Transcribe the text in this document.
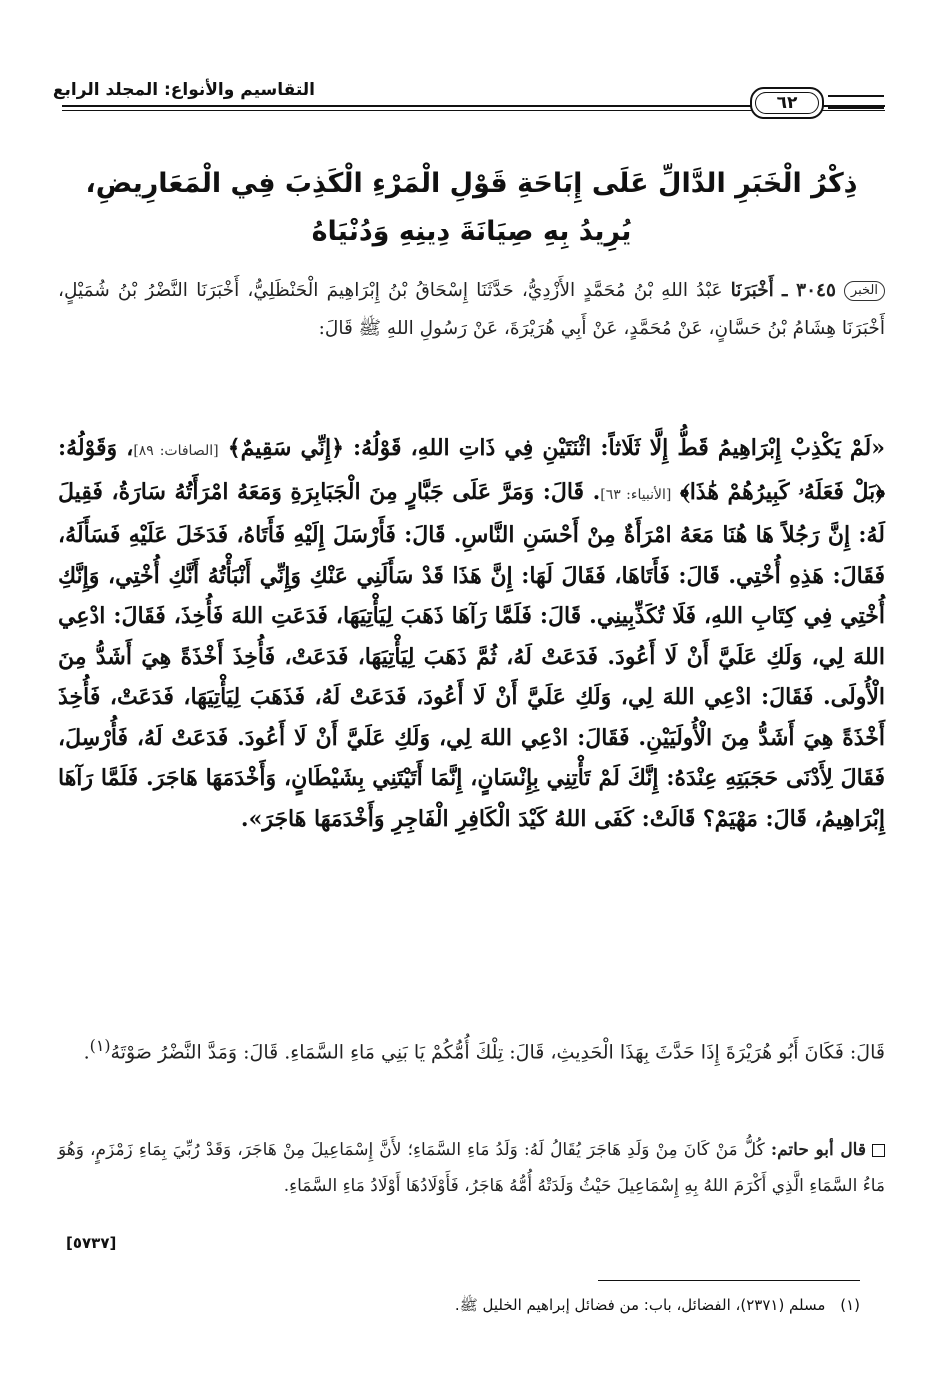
التقاسيم والأنواع: المجلد الرابع
٦٢
ذِكْرُ الْخَبَرِ الدَّالِّ عَلَى إِبَاحَةِ قَوْلِ الْمَرْءِ الْكَذِبَ فِي الْمَعَارِيضِ،
يُرِيدُ بِهِ صِيَانَةَ دِينِهِ وَدُنْيَاهُ
الخبر٣٠٤٥ ـ أَخْبَرَنَا عَبْدُ اللهِ بْنُ مُحَمَّدٍ الأَزْدِيُّ، حَدَّثَنَا إِسْحَاقُ بْنُ إِبْرَاهِيمَ الْحَنْظَلِيُّ، أَخْبَرَنَا النَّضْرُ بْنُ شُمَيْلٍ، أَخْبَرَنَا هِشَامُ بْنُ حَسَّانٍ، عَنْ مُحَمَّدٍ، عَنْ أَبِي هُرَيْرَةَ، عَنْ رَسُولِ اللهِ ﷺ قَالَ:
«لَمْ يَكْذِبْ إِبْرَاهِيمُ قَطُّ إِلَّا ثَلَاثاً: اثْنَتَيْنِ فِي ذَاتِ اللهِ، قَوْلُهُ: ﴿إِنِّي سَقِيمٌ﴾ [الصافات: ٨٩]، وَقَوْلُهُ: ﴿بَلْ فَعَلَهُۥ كَبِيرُهُمْ هَٰذَا﴾ [الأنبياء: ٦٣]. قَالَ: وَمَرَّ عَلَى جَبَّارٍ مِنَ الْجَبَابِرَةِ وَمَعَهُ امْرَأَتُهُ سَارَةُ، فَقِيلَ لَهُ: إِنَّ رَجُلاً هَا هُنَا مَعَهُ امْرَأَةٌ مِنْ أَحْسَنِ النَّاسِ. قَالَ: فَأَرْسَلَ إِلَيْهِ فَأَتَاهُ، فَدَخَلَ عَلَيْهِ فَسَأَلَهُ، فَقَالَ: هَذِهِ أُخْتِي. قَالَ: فَأَتَاهَا، فَقَالَ لَهَا: إِنَّ هَذَا قَدْ سَأَلَنِي عَنْكِ وَإِنِّي أَنْبَأْتُهُ أَنَّكِ أُخْتِي، وَإِنَّكِ أُخْتِي فِي كِتَابِ اللهِ، فَلَا تُكَذِّبِينِي. قَالَ: فَلَمَّا رَآهَا ذَهَبَ لِيَأْتِيَهَا، فَدَعَتِ اللهَ فَأُخِذَ، فَقَالَ: ادْعِي اللهَ لِي، وَلَكِ عَلَيَّ أَنْ لَا أَعُودَ. فَدَعَتْ لَهُ، ثُمَّ ذَهَبَ لِيَأْتِيَهَا، فَدَعَتْ، فَأُخِذَ أَخْذَةً هِيَ أَشَدُّ مِنَ الْأُولَى. فَقَالَ: ادْعِي اللهَ لِي، وَلَكِ عَلَيَّ أَنْ لَا أَعُودَ، فَدَعَتْ لَهُ، فَذَهَبَ لِيَأْتِيَهَا، فَدَعَتْ، فَأُخِذَ أَخْذَةً هِيَ أَشَدُّ مِنَ الْأُولَيَيْنِ. فَقَالَ: ادْعِي اللهَ لِي، وَلَكِ عَلَيَّ أَنْ لَا أَعُودَ. فَدَعَتْ لَهُ، فَأُرْسِلَ، فَقَالَ لِأَدْنَى حَجَبَتِهِ عِنْدَهُ: إِنَّكَ لَمْ تَأْتِنِي بِإِنْسَانٍ، إِنَّمَا أَتَيْتَنِي بِشَيْطَانٍ، وَأَخْدَمَهَا هَاجَرَ. فَلَمَّا رَآهَا إِبْرَاهِيمُ، قَالَ: مَهْيَمْ؟ قَالَتْ: كَفَى اللهُ كَيْدَ الْكَافِرِ الْفَاجِرِ وَأَخْدَمَهَا هَاجَرَ».
قَالَ: فَكَانَ أَبُو هُرَيْرَةَ إِذَا حَدَّثَ بِهَذَا الْحَدِيثِ، قَالَ: تِلْكَ أُمُّكُمْ يَا بَنِي مَاءِ السَّمَاءِ. قَالَ: وَمَدَّ النَّضْرُ صَوْتَهُ$^{(١)}$.
قال أبو حاتم: كُلُّ مَنْ كَانَ مِنْ وَلَدِ هَاجَرَ يُقَالُ لَهُ: وَلَدُ مَاءِ السَّمَاءِ؛ لأَنَّ إِسْمَاعِيلَ مِنْ هَاجَرَ، وَقَدْ رُبِّيَ بِمَاءِ زَمْزَمٍ، وَهُوَ مَاءُ السَّمَاءِ الَّذِي أَكْرَمَ اللهُ بِهِ إِسْمَاعِيلَ حَيْثُ وَلَدَتْهُ أُمُّهُ هَاجَرُ، فَأَوْلَادُهَا أَوْلَادُ مَاءِ السَّمَاءِ.
[٥٧٣٧]
(١) مسلم (٢٣٧١)، الفضائل، باب: من فضائل إبراهيم الخليل ﷺ.
